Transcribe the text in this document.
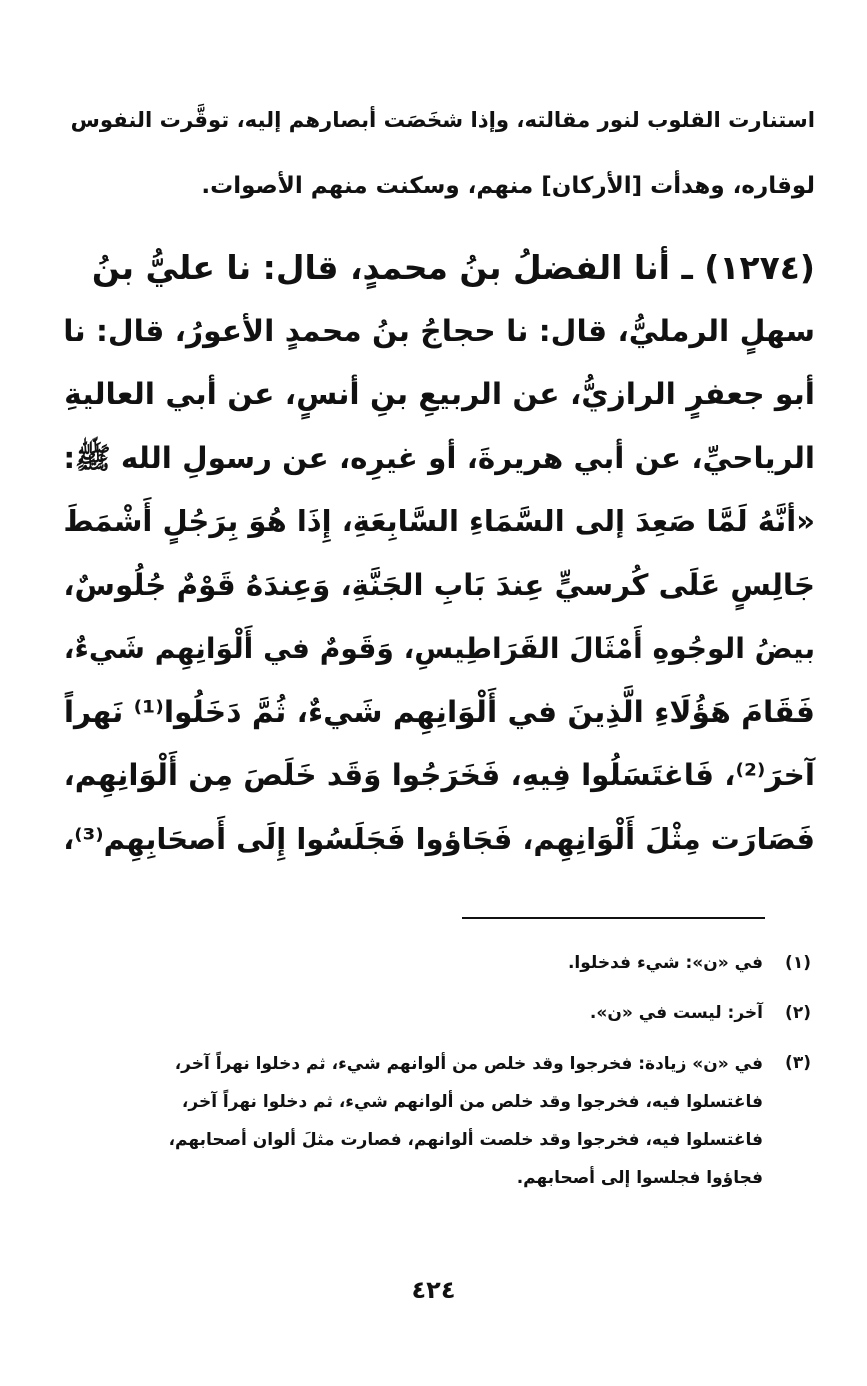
استنارت القلوب لنور مقالته، وإذا شخَصَت أبصارهم إليه، توقَّرت النفوس
لوقاره، وهدأت [الأركان] منهم، وسكنت منهم الأصوات.
(١٢٧٤) ـ أنا الفضلُ بنُ محمدٍ، قال: نا عليُّ بنُ
سهلٍ الرمليُّ، قال: نا حجاجُ بنُ محمدٍ الأعورُ، قال: نا
أبو جعفرٍ الرازيُّ، عن الربيعِ بنِ أنسٍ، عن أبي العاليةِ
الرياحيِّ، عن أبي هريرةَ، أو غيرِه، عن رسولِ الله ﷺ:
«أنَّهُ لَمَّا صَعِدَ إلى السَّمَاءِ السَّابِعَةِ، إِذَا هُوَ بِرَجُلٍ أَشْمَطَ
جَالِسٍ عَلَى كُرسيٍّ عِندَ بَابِ الجَنَّةِ، وَعِندَهُ قَوْمٌ جُلُوسٌ،
بيضُ الوجُوهِ أَمْثَالَ القَرَاطِيسِ، وَقَومٌ في أَلْوَانِهِم شَيءٌ،
فَقَامَ هَؤُلَاءِ الَّذِينَ في أَلْوَانِهِم شَيءٌ، ثُمَّ دَخَلُوا⁽¹⁾ نَهراً
آخرَ⁽²⁾، فَاغتَسَلُوا فِيهِ، فَخَرَجُوا وَقَد خَلَصَ مِن أَلْوَانِهِم،
فَصَارَت مِثْلَ أَلْوَانِهِم، فَجَاؤوا فَجَلَسُوا إِلَى أَصحَابِهِم⁽³⁾،
(١)
في «ن»: شيء فدخلوا.
(٢)
آخر: ليست في «ن».
(٣)
في «ن» زيادة: فخرجوا وقد خلص من ألوانهم شيء، ثم دخلوا نهراً آخر،
فاغتسلوا فيه، فخرجوا وقد خلص من ألوانهم شيء، ثم دخلوا نهراً آخر،
فاغتسلوا فيه، فخرجوا وقد خلصت ألوانهم، فصارت مثلَ ألوان أصحابهم،
فجاؤوا فجلسوا إلى أصحابهم.
٤٢٤
